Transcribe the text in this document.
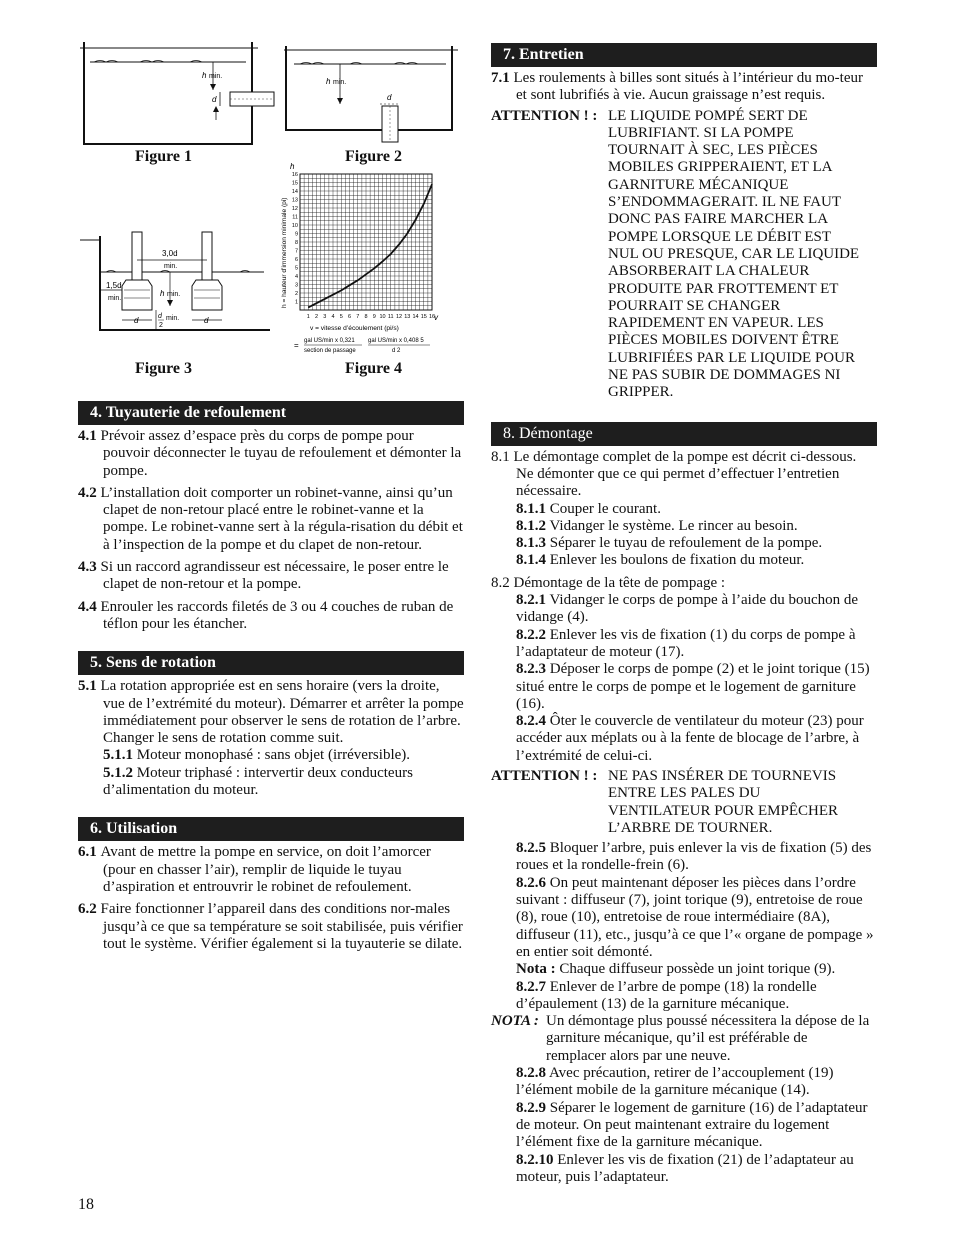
h min.
d
Figure 1
h min.
d
Figure 2
3,0d
min.
1,5d
min.
h min.
d	d
d
2
min.
Figure 3
1
2
3
4
5
6
7
8
9
10
11
12
13
14
15
16
1 2 3 4 5 6 7 8 9 10 11 12 13 14 15 16
h
v
h = hauteur d’immersion minimale (pi)
v = vitesse d’écoulement (pi/s)
= gal US/min x 0,321
section de passage
gal US/min x 0,408 5
d 2
Figure 4
4. Tuyauterie de refoulement

4.1 Prévoir assez d’espace près du corps de pompe pour pouvoir déconnecter le tuyau de refoulement et démonter la pompe.

4.2 L’installation doit comporter un robinet-vanne, ainsi qu’un clapet de non-retour placé entre le robinet-vanne et la pompe. Le robinet-vanne sert à la régula-risation du débit et à l’inspection de la pompe et du clapet de non-retour.

4.3 Si un raccord agrandisseur est nécessaire, le poser entre le clapet de non-retour et la pompe.

4.4 Enrouler les raccords filetés de 3 ou 4 couches de ruban de téflon pour les étancher.

5. Sens de rotation

5.1 La rotation appropriée est en sens horaire (vers la droite, vue de l’extrémité du moteur). Démarrer et arrêter la pompe immédiatement pour observer le sens de rotation de l’arbre. Changer le sens de rotation comme suit.

5.1.1 Moteur monophasé : sans objet (irréversible).

5.1.2 Moteur triphasé : intervertir deux conducteurs d’alimentation du moteur.

6. Utilisation

6.1 Avant de mettre la pompe en service, on doit l’amorcer (pour en chasser l’air), remplir de liquide le tuyau d’aspiration et entrouvrir le robinet de refoulement.

6.2 Faire fonctionner l’appareil dans des conditions nor-males jusqu’à ce que sa température se soit stabilisée, puis vérifier tout le système. Vérifier également si la tuyauterie se dilate.

7. Entretien

7.1 Les roulements à billes sont situés à l’intérieur du mo-teur et sont lubrifiés à vie. Aucun graissage n’est requis.

ATTENTION ! : LE LIQUIDE POMPÉ SERT DE LUBRIFIANT. SI LA POMPE TOURNAIT À SEC, LES PIÈCES MOBILES GRIPPERAIENT, ET LA GARNITURE MÉCANIQUE S’ENDOMMAGERAIT. IL NE FAUT DONC PAS FAIRE MARCHER LA POMPE LORSQUE LE DÉBIT EST NUL OU PRESQUE, CAR LE LIQUIDE ABSORBERAIT LA CHALEUR PRODUITE PAR FROTTEMENT ET POURRAIT SE CHANGER RAPIDEMENT EN VAPEUR. LES PIÈCES MOBILES DOIVENT ÊTRE LUBRIFIÉES PAR LE LIQUIDE POUR NE PAS SUBIR DE DOMMAGES NI GRIPPER.
8. Démontage

8.1 Le démontage complet de la pompe est décrit ci-dessous. Ne démonter que ce qui permet d’effectuer l’entretien nécessaire.

8.1.1 Couper le courant.

8.1.2 Vidanger le système. Le rincer au besoin.

8.1.3 Séparer le tuyau de refoulement de la pompe.

8.1.4 Enlever les boulons de fixation du moteur.

8.2 Démontage de la tête de pompage :

8.2.1 Vidanger le corps de pompe à l’aide du bouchon de vidange (4).

8.2.2 Enlever les vis de fixation (1) du corps de pompe à l’adaptateur de moteur (17).

8.2.3 Déposer le corps de pompe (2) et le joint torique (15) situé entre le corps de pompe et le logement de garniture (16).

8.2.4 Ôter le couvercle de ventilateur du moteur (23) pour accéder aux méplats ou à la fente de blocage de l’arbre, à l’extrémité de celui-ci.

ATTENTION ! : NE PAS INSÉRER DE TOURNEVIS ENTRE LES PALES DU VENTILATEUR POUR EMPÊCHER L’ARBRE DE TOURNER.

8.2.5 Bloquer l’arbre, puis enlever la vis de fixation (5) des roues et la rondelle-frein (6).

8.2.6 On peut maintenant déposer les pièces dans l’ordre suivant : diffuseur (7), joint torique (9), entretoise de roue (8), roue (10), entretoise de roue intermédiaire (8A), diffuseur (11), etc., jusqu’à ce que l’« organe de pompage » en entier soit démonté.

Nota : Chaque diffuseur possède un joint torique (9).

8.2.7 Enlever de l’arbre de pompe (18) la rondelle d’épaulement (13) de la garniture mécanique.

NOTA : Un démontage plus poussé nécessitera la dépose de la garniture mécanique, qu’il est préférable de remplacer alors par une neuve.

8.2.8 Avec précaution, retirer de l’accouplement (19) l’élément mobile de la garniture mécanique (14).

8.2.9 Séparer le logement de garniture (16) de l’adaptateur de moteur. On peut maintenant extraire du logement l’élément fixe de la garniture mécanique.

8.2.10 Enlever les vis de fixation (21) de l’adaptateur au moteur, puis l’adaptateur.

18
